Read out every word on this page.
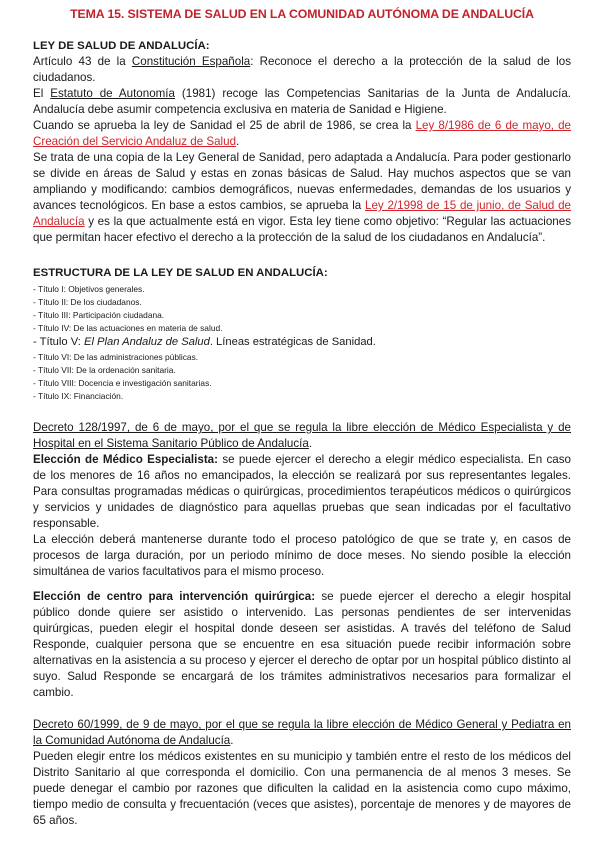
TEMA 15. SISTEMA DE SALUD EN LA COMUNIDAD AUTÓNOMA DE ANDALUCÍA
LEY DE SALUD DE ANDALUCÍA:

Artículo 43 de la Constitución Española: Reconoce el derecho a la protección de la salud de los ciudadanos.

El Estatuto de Autonomía (1981) recoge las Competencias Sanitarias de la Junta de Andalucía. Andalucía debe asumir competencia exclusiva en materia de Sanidad e Higiene.

Cuando se aprueba la ley de Sanidad el 25 de abril de 1986, se crea la Ley 8/1986 de 6 de mayo, de Creación del Servicio Andaluz de Salud.

Se trata de una copia de la Ley General de Sanidad, pero adaptada a Andalucía. Para poder gestionarlo se divide en áreas de Salud y estas en zonas básicas de Salud. Hay muchos aspectos que se van ampliando y modificando: cambios demográficos, nuevas enfermedades, demandas de los usuarios y avances tecnológicos. En base a estos cambios, se aprueba la Ley 2/1998 de 15 de junio, de Salud de Andalucía y es la que actualmente está en vigor. Esta ley tiene como objetivo: “Regular las actuaciones que permitan hacer efectivo el derecho a la protección de la salud de los ciudadanos en Andalucía”.

ESTRUCTURA DE LA LEY DE SALUD EN ANDALUCÍA:
- Título I: Objetivos generales.
- Título II: De los ciudadanos.
- Título III: Participación ciudadana.
- Título IV: De las actuaciones en materia de salud.
- Título V: El Plan Andaluz de Salud. Líneas estratégicas de Sanidad.
- Título VI: De las administraciones públicas.
- Título VII: De la ordenación sanitaria.
- Título VIII: Docencia e investigación sanitarias.
- Título IX: Financiación.

Decreto 128/1997, de 6 de mayo, por el que se regula la libre elección de Médico Especialista y de Hospital en el Sistema Sanitario Público de Andalucía.

Elección de Médico Especialista: se puede ejercer el derecho a elegir médico especialista. En caso de los menores de 16 años no emancipados, la elección se realizará por sus representantes legales. Para consultas programadas médicas o quirúrgicas, procedimientos terapéuticos médicos o quirúrgicos y servicios y unidades de diagnóstico para aquellas pruebas que sean indicadas por el facultativo responsable.

La elección deberá mantenerse durante todo el proceso patológico de que se trate y, en casos de procesos de larga duración, por un periodo mínimo de doce meses. No siendo posible la elección simultánea de varios facultativos para el mismo proceso.

Elección de centro para intervención quirúrgica: se puede ejercer el derecho a elegir hospital público donde quiere ser asistido o intervenido. Las personas pendientes de ser intervenidas quirúrgicas, pueden elegir el hospital donde deseen ser asistidas. A través del teléfono de Salud Responde, cualquier persona que se encuentre en esa situación puede recibir información sobre alternativas en la asistencia a su proceso y ejercer el derecho de optar por un hospital público distinto al suyo. Salud Responde se encargará de los trámites administrativos necesarios para formalizar el cambio.

Decreto 60/1999, de 9 de mayo, por el que se regula la libre elección de Médico General y Pediatra en la Comunidad Autónoma de Andalucía.

Pueden elegir entre los médicos existentes en su municipio y también entre el resto de los médicos del Distrito Sanitario al que corresponda el domicilio. Con una permanencia de al menos 3 meses. Se puede denegar el cambio por razones que dificulten la calidad en la asistencia como cupo máximo, tiempo medio de consulta y frecuentación (veces que asistes), porcentaje de menores y de mayores de 65 años.
